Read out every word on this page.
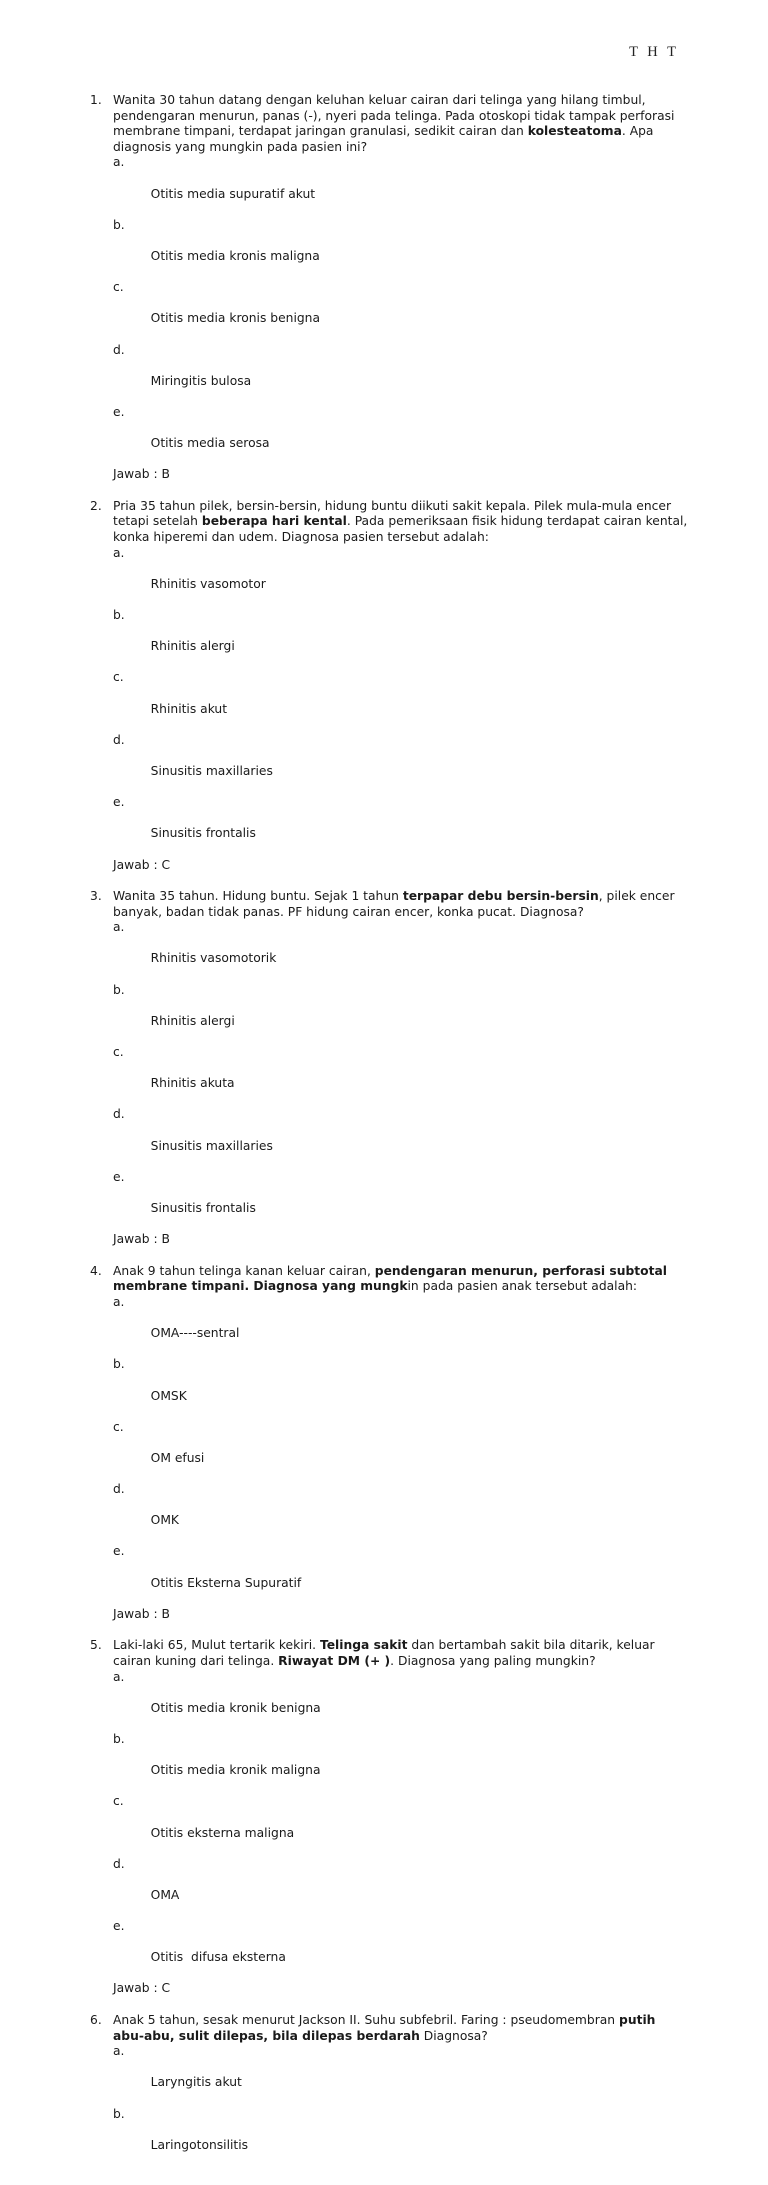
T H T
1. Wanita 30 tahun datang dengan keluhan keluar cairan dari telinga yang hilang timbul, pendengaran menurun, panas (-), nyeri pada telinga. Pada otoskopi tidak tampak perforasi membrane timpani, terdapat jaringan granulasi, sedikit cairan dan kolesteatoma. Apa diagnosis yang mungkin pada pasien ini?

a.

Otitis media supuratif akut

b.

Otitis media kronis maligna

c.

Otitis media kronis benigna

d.

Miringitis bulosa

e.

Otitis media serosa

Jawab : B
2. Pria 35 tahun pilek, bersin-bersin, hidung buntu diikuti sakit kepala. Pilek mula-mula encer tetapi setelah beberapa hari kental. Pada pemeriksaan fisik hidung terdapat cairan kental, konka hiperemi dan udem. Diagnosa pasien tersebut adalah:

a.

Rhinitis vasomotor

b.

Rhinitis alergi

c.

Rhinitis akut

d.

Sinusitis maxillaries

e.

Sinusitis frontalis

Jawab : C
3. Wanita 35 tahun. Hidung buntu. Sejak 1 tahun terpapar debu bersin-bersin, pilek encer banyak, badan tidak panas. PF hidung cairan encer, konka pucat. Diagnosa?

a.

Rhinitis vasomotorik

b.

Rhinitis alergi

c.

Rhinitis akuta

d.

Sinusitis maxillaries

e.

Sinusitis frontalis

Jawab : B
4. Anak 9 tahun telinga kanan keluar cairan, pendengaran menurun, perforasi subtotal membrane timpani. Diagnosa yang mungkin pada pasien anak tersebut adalah:

a.

OMA----sentral

b.

OMSK

c.

OM efusi

d.

OMK

e.

Otitis Eksterna Supuratif

Jawab : B
5. Laki-laki 65, Mulut tertarik kekiri. Telinga sakit dan bertambah sakit bila ditarik, keluar cairan kuning dari telinga. Riwayat DM (+ ). Diagnosa yang paling mungkin?

a.

Otitis media kronik benigna

b.

Otitis media kronik maligna

c.

Otitis eksterna maligna

d.

OMA

e.

Otitis  difusa eksterna

Jawab : C
6. Anak 5 tahun, sesak menurut Jackson II. Suhu subfebril. Faring : pseudomembran putih abu-abu, sulit dilepas, bila dilepas berdarah Diagnosa?

a.

Laryngitis akut

b.

Laringotonsilitis
